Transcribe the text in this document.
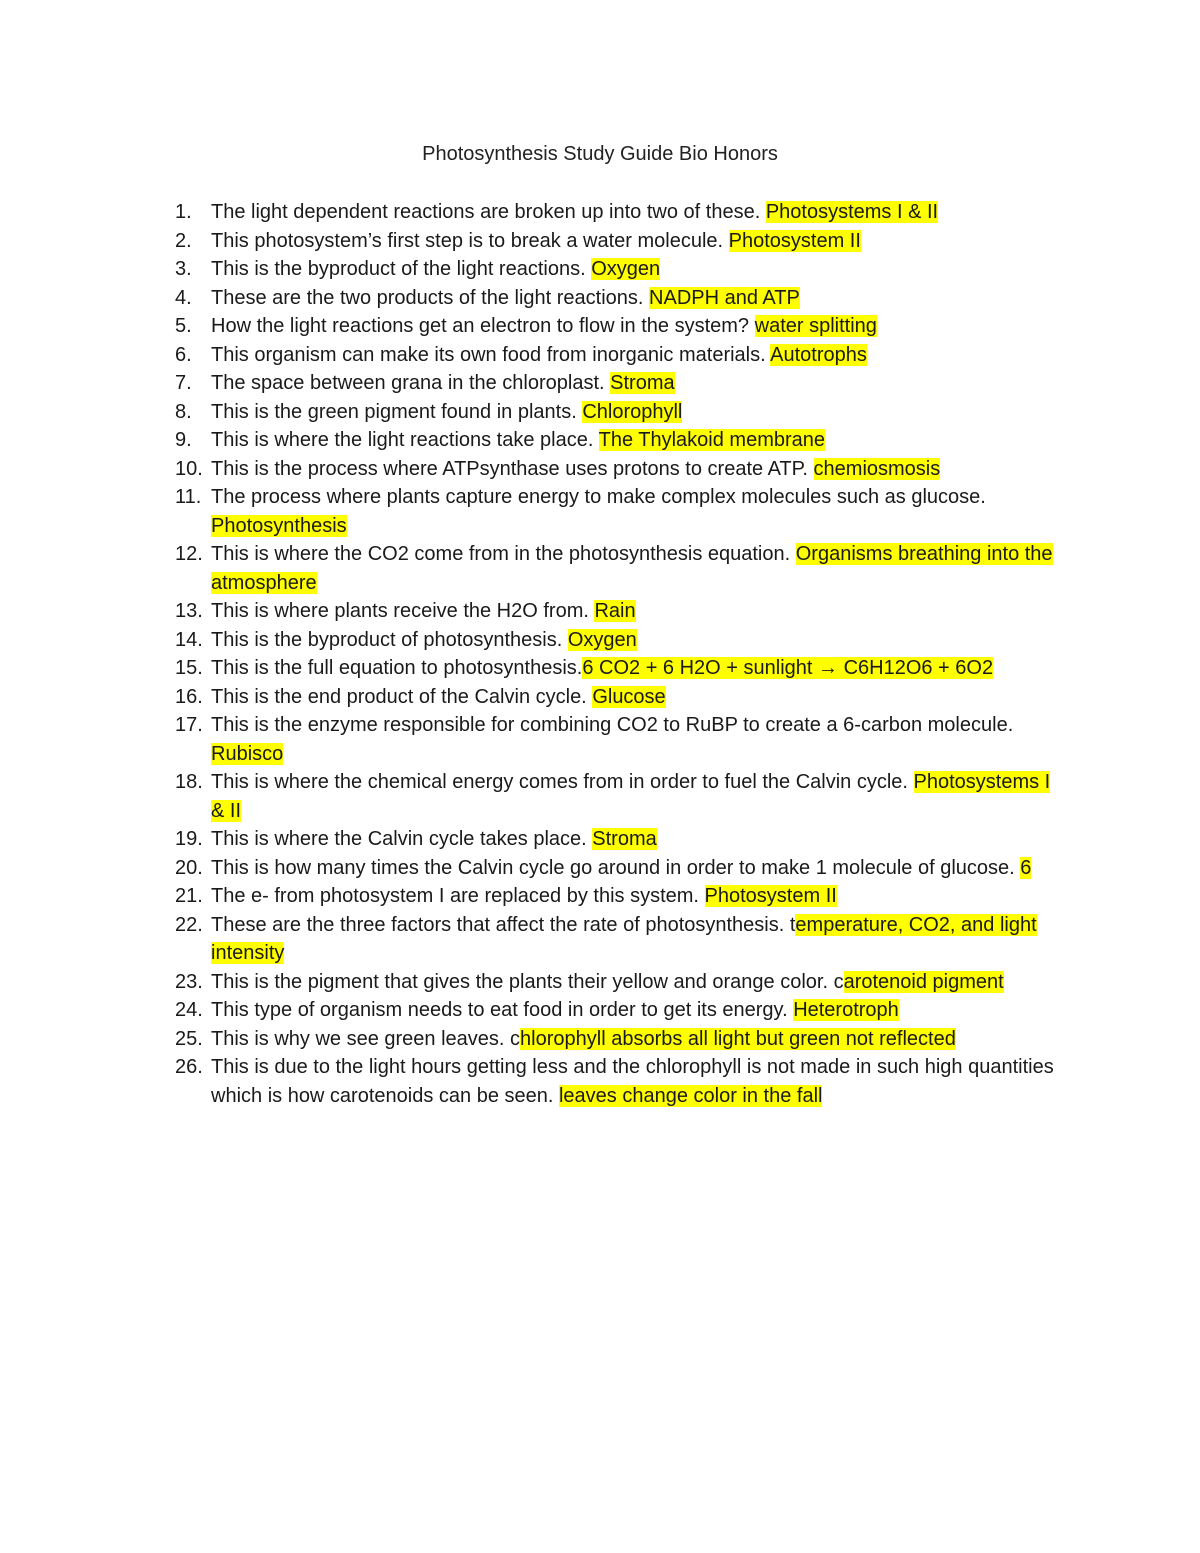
Photosynthesis Study Guide Bio Honors
1. The light dependent reactions are broken up into two of these. Photosystems I & II
2. This photosystem’s first step is to break a water molecule. Photosystem II
3. This is the byproduct of the light reactions. Oxygen
4. These are the two products of the light reactions. NADPH and ATP
5. How the light reactions get an electron to flow in the system? water splitting
6. This organism can make its own food from inorganic materials. Autotrophs
7. The space between grana in the chloroplast. Stroma
8. This is the green pigment found in plants. Chlorophyll
9. This is where the light reactions take place. The Thylakoid membrane
10. This is the process where ATPsynthase uses protons to create ATP. chemiosmosis
11. The process where plants capture energy to make complex molecules such as glucose. Photosynthesis
12. This is where the CO2 come from in the photosynthesis equation. Organisms breathing into the atmosphere
13. This is where plants receive the H2O from. Rain
14. This is the byproduct of photosynthesis. Oxygen
15. This is the full equation to photosynthesis.6 CO2 + 6 H2O + sunlight → C6H12O6 + 6O2
16. This is the end product of the Calvin cycle. Glucose
17. This is the enzyme responsible for combining CO2 to RuBP to create a 6-carbon molecule. Rubisco
18. This is where the chemical energy comes from in order to fuel the Calvin cycle. Photosystems I & II
19. This is where the Calvin cycle takes place. Stroma
20. This is how many times the Calvin cycle go around in order to make 1 molecule of glucose. 6
21. The e- from photosystem I are replaced by this system. Photosystem II
22. These are the three factors that affect the rate of photosynthesis. temperature, CO2, and light intensity
23. This is the pigment that gives the plants their yellow and orange color. carotenoid pigment
24. This type of organism needs to eat food in order to get its energy. Heterotroph
25. This is why we see green leaves. chlorophyll absorbs all light but green not reflected
26. This is due to the light hours getting less and the chlorophyll is not made in such high quantities which is how carotenoids can be seen. leaves change color in the fall
